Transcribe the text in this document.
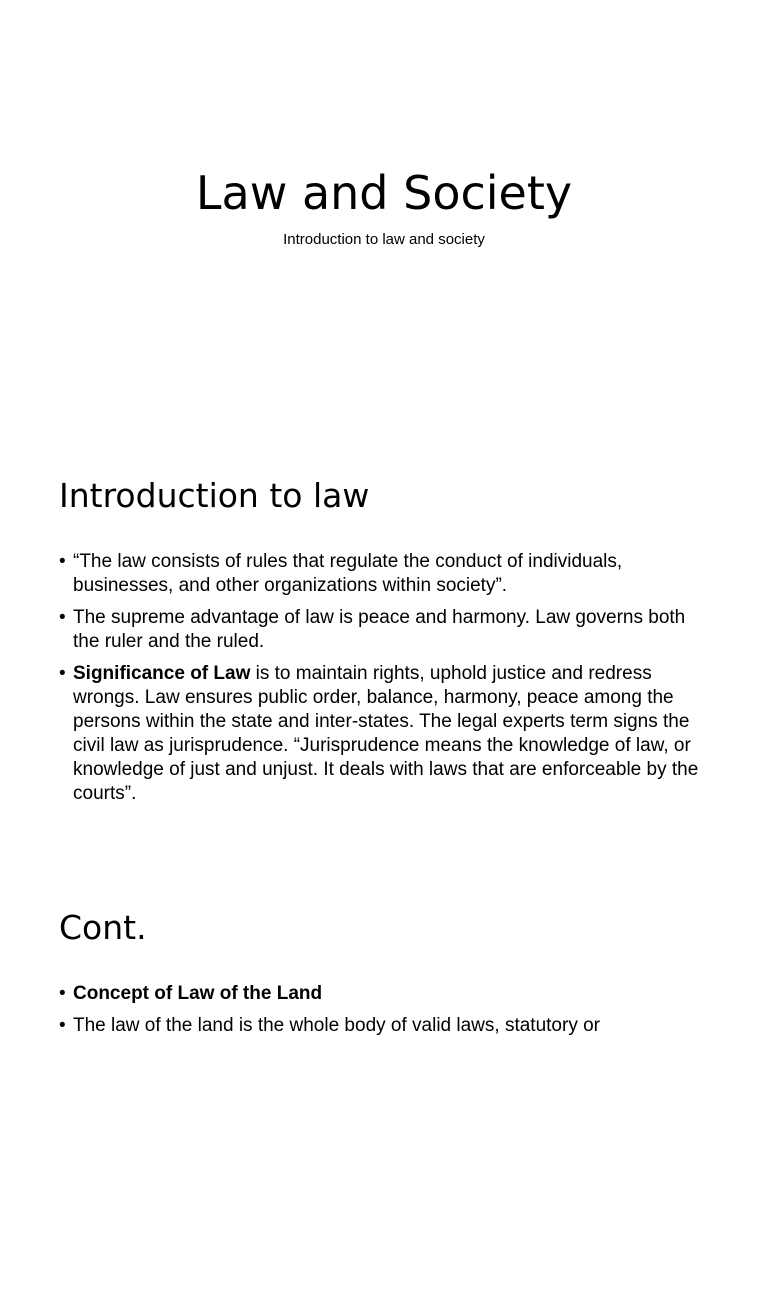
Law and Society

Introduction to law and society

Introduction to law
• “The law consists of rules that regulate the conduct of individuals, businesses, and other organizations within society”.
• The supreme advantage of law is peace and harmony. Law governs both the ruler and the ruled.
• Significance of Law is to maintain rights, uphold justice and redress wrongs. Law ensures public order, balance, harmony, peace among the persons within the state and inter-states. The legal experts term signs the civil law as jurisprudence. “Jurisprudence means the knowledge of law, or knowledge of just and unjust. It deals with laws that are enforceable by the courts”.
Cont.
• Concept of Law of the Land
• The law of the land is the whole body of valid laws, statutory or
